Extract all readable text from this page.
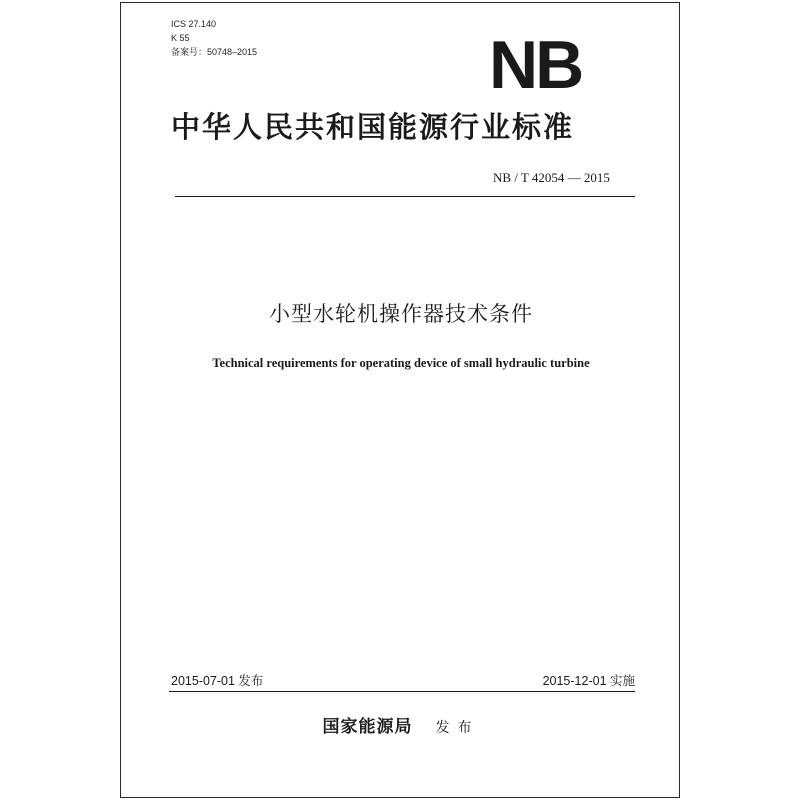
ICS 27.140
K 55
备案号：50748–2015	NB
中华人民共和国能源行业标准
NB / T 42054 — 2015
小型水轮机操作器技术条件
Technical requirements for operating device of small hydraulic turbine
2015-07-01 发布	2015-12-01 实施
国家能源局 发布
